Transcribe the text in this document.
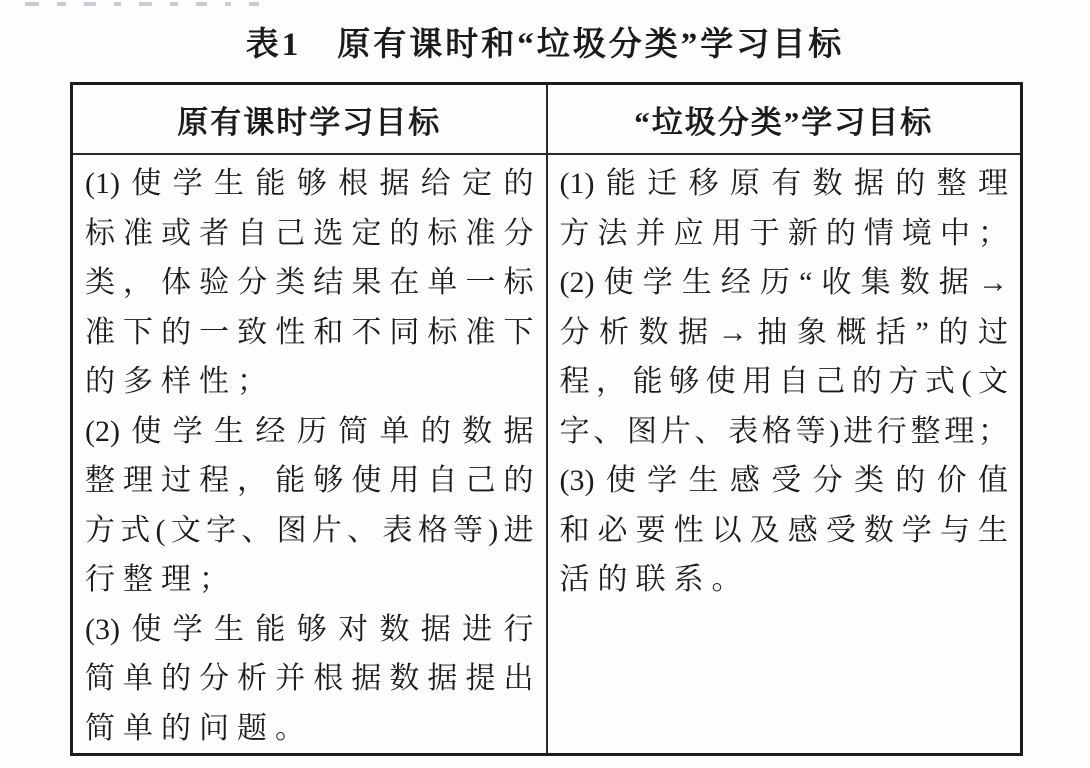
表1　原有课时和“垃圾分类”学习目标
原有课时学习目标	“垃圾分类”学习目标
(1)使学生能够根据给定的
标准或者自己选定的标准分
类，体验分类结果在单一标
准下的一致性和不同标准下
的多样性；
(2)使学生经历简单的数据
整理过程，能够使用自己的
方式(文字、图片、表格等)进
行整理；
(3)使学生能够对数据进行
简单的分析并根据数据提出
简单的问题。
(1)能迁移原有数据的整理
方法并应用于新的情境中；
(2)使学生经历“收集数据→
分析数据→抽象概括”的过
程，能够使用自己的方式(文
字、图片、表格等)进行整理；
(3)使学生感受分类的价值
和必要性以及感受数学与生
活的联系。
